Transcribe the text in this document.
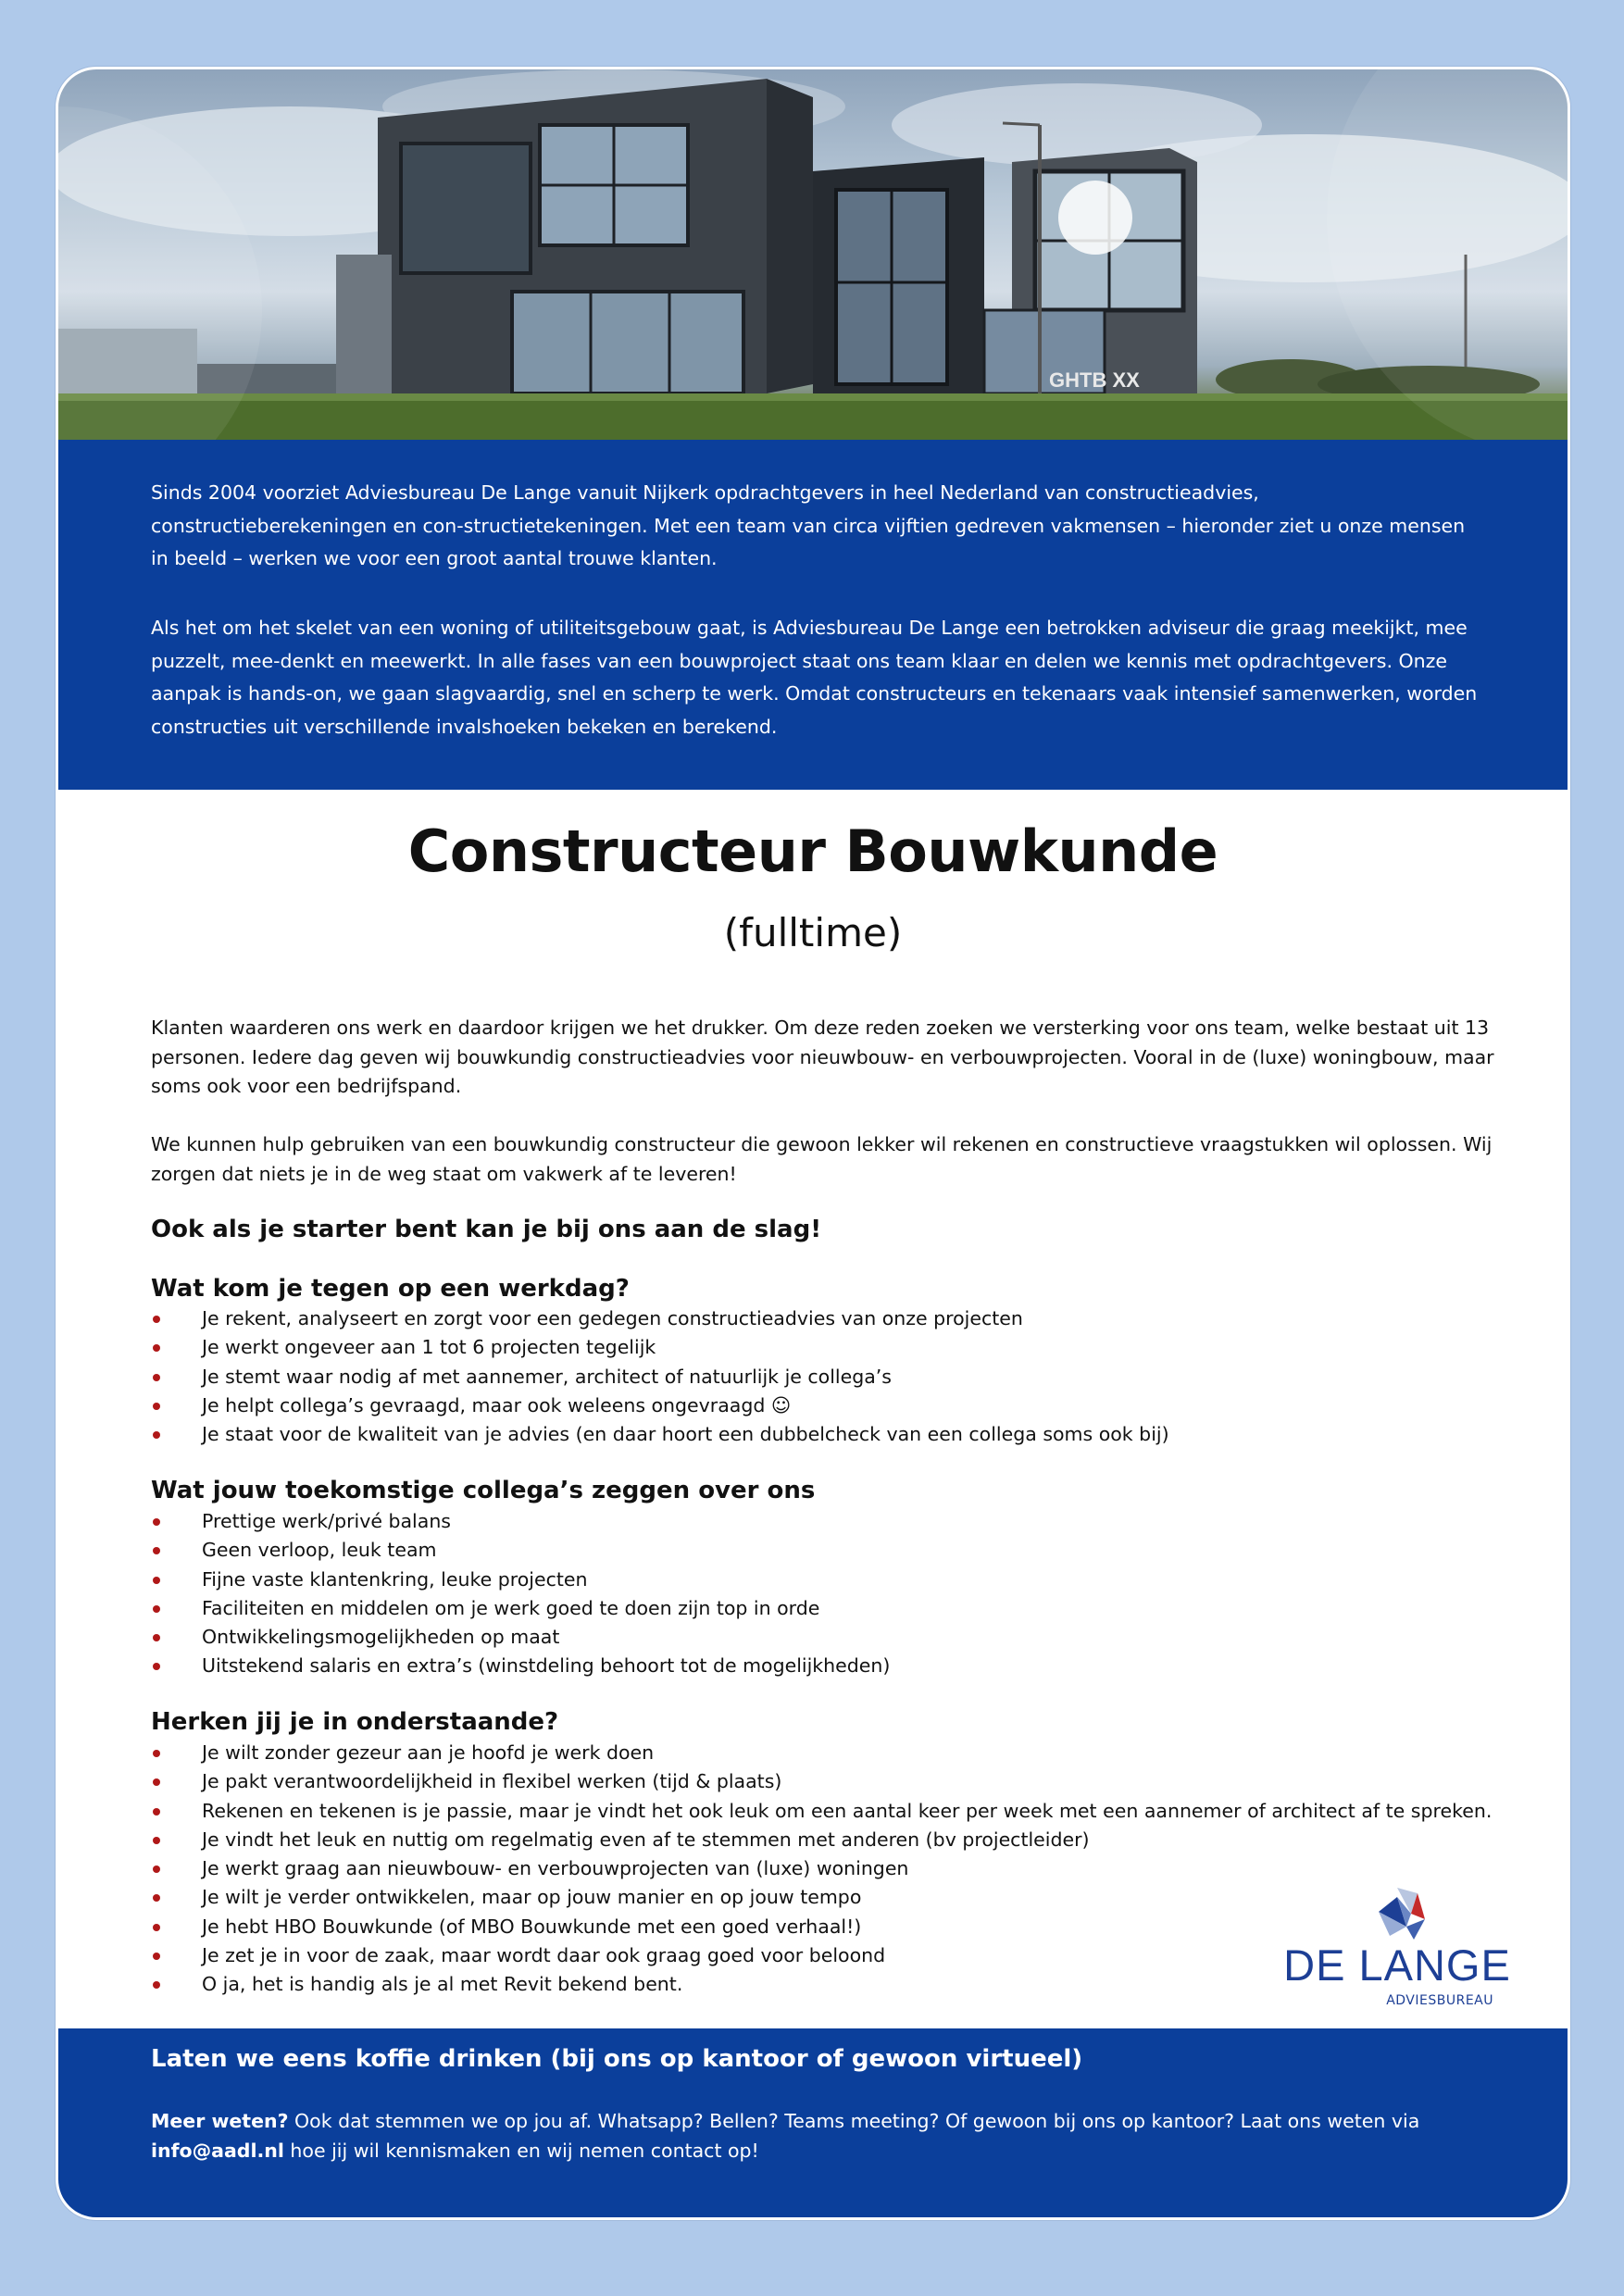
GHTB XX

Sinds 2004 voorziet Adviesbureau De Lange vanuit Nijkerk opdrachtgevers in heel Nederland van constructieadvies, constructieberekeningen en con-structietekeningen. Met een team van circa vijftien gedreven vakmensen – hieronder ziet u onze mensen in beeld – werken we voor een groot aantal trouwe klanten.

Als het om het skelet van een woning of utiliteitsgebouw gaat, is Adviesbureau De Lange een betrokken adviseur die graag meekijkt, mee puzzelt, mee-denkt en meewerkt. In alle fases van een bouwproject staat ons team klaar en delen we kennis met opdrachtgevers. Onze aanpak is hands-on, we gaan slagvaardig, snel en scherp te werk. Omdat constructeurs en tekenaars vaak intensief samenwerken, worden constructies uit verschillende invalshoeken bekeken en berekend.

Constructeur Bouwkunde

(fulltime)

Klanten waarderen ons werk en daardoor krijgen we het drukker. Om deze reden zoeken we versterking voor ons team, welke bestaat uit 13 personen. Iedere dag geven wij bouwkundig constructieadvies voor nieuwbouw- en verbouwprojecten. Vooral in de (luxe) woningbouw, maar soms ook voor een bedrijfspand.

We kunnen hulp gebruiken van een bouwkundig constructeur die gewoon lekker wil rekenen en constructieve vraagstukken wil oplossen. Wij zorgen dat niets je in de weg staat om vakwerk af te leveren!

Ook als je starter bent kan je bij ons aan de slag!

Wat kom je tegen op een werkdag?

Je rekent, analyseert en zorgt voor een gedegen constructieadvies van onze projecten
Je werkt ongeveer aan 1 tot 6 projecten tegelijk
Je stemt waar nodig af met aannemer, architect of natuurlijk je collega’s
Je helpt collega’s gevraagd, maar ook weleens ongevraagd ☺
Je staat voor de kwaliteit van je advies (en daar hoort een dubbelcheck van een collega soms ook bij)

Wat jouw toekomstige collega’s zeggen over ons

Prettige werk/privé balans
Geen verloop, leuk team
Fijne vaste klantenkring, leuke projecten
Faciliteiten en middelen om je werk goed te doen zijn top in orde
Ontwikkelingsmogelijkheden op maat
Uitstekend salaris en extra’s (winstdeling behoort tot de mogelijkheden)

Herken jij je in onderstaande?

Je wilt zonder gezeur aan je hoofd je werk doen
Je pakt verantwoordelijkheid in flexibel werken (tijd & plaats)
Rekenen en tekenen is je passie, maar je vindt het ook leuk om een aantal keer per week met een aannemer of architect af te spreken.
Je vindt het leuk en nuttig om regelmatig even af te stemmen met anderen (bv projectleider)
Je werkt graag aan nieuwbouw- en verbouwprojecten van (luxe) woningen
Je wilt je verder ontwikkelen, maar op jouw manier en op jouw tempo
Je hebt HBO Bouwkunde (of MBO Bouwkunde met een goed verhaal!)
Je zet je in voor de zaak, maar wordt daar ook graag goed voor beloond
O ja, het is handig als je al met Revit bekend bent.	DE LANGE

ADVIESBUREAU

Laten we eens koffie drinken (bij ons op kantoor of gewoon virtueel)

Meer weten? Ook dat stemmen we op jou af. Whatsapp? Bellen? Teams meeting? Of gewoon bij ons op kantoor? Laat ons weten via info@aadl.nl hoe jij wil kennismaken en wij nemen contact op!
